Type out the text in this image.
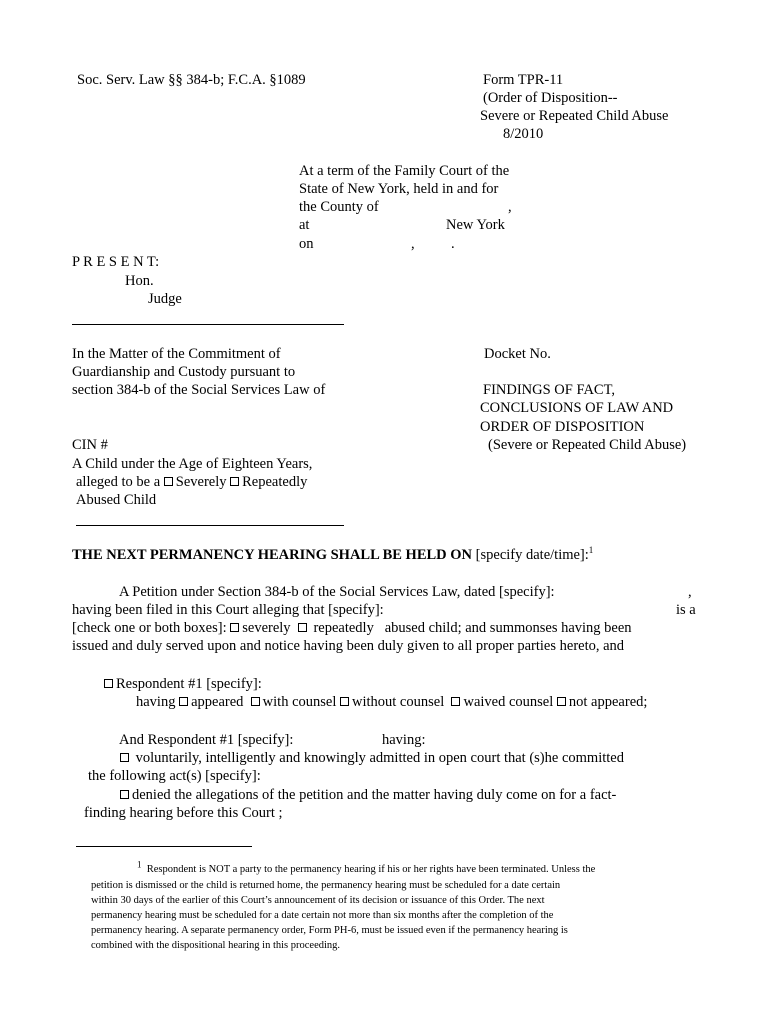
Soc. Serv. Law §§ 384-b; F.C.A. §1089	Form TPR-11
(Order of Disposition--
Severe or Repeated Child Abuse
8/2010
At a term of the Family Court of the
State of New York, held in and for
the County of	,
at	New York
on	,	.
P R E S E N T:
Hon.
Judge
In the Matter of the Commitment of
Guardianship and Custody pursuant to
section 384-b of the Social Services Law of
CIN #
A Child under the Age of Eighteen Years,
alleged to be a Severely Repeatedly
Abused Child
Docket No.
FINDINGS OF FACT,
CONCLUSIONS OF LAW AND
ORDER OF DISPOSITION
(Severe or Repeated Child Abuse)
THE NEXT PERMANENCY HEARING SHALL BE HELD ON [specify date/time]:$^1$
A Petition under Section 384-b of the Social Services Law, dated [specify]:	,
having been filed in this Court alleging that [specify]:	is a
[check one or both boxes]: severely repeatedly abused child; and summonses having been
issued and duly served upon and notice having been duly given to all proper parties hereto, and
Respondent #1 [specify]:
having appeared with counsel without counsel waived counsel not appeared;
And Respondent #1 [specify]:	having:
voluntarily, intelligently and knowingly admitted in open court that (s)he committed
the following act(s) [specify]:
denied the allegations of the petition and the matter having duly come on for a fact-
finding hearing before this Court ;
$^1$ Respondent is NOT a party to the permanency hearing if his or her rights have been terminated. Unless the
petition is dismissed or the child is returned home, the permanency hearing must be scheduled for a date certain
within 30 days of the earlier of this Court’s announcement of its decision or issuance of this Order. The next
permanency hearing must be scheduled for a date certain not more than six months after the completion of the
permanency hearing. A separate permanency order, Form PH-6, must be issued even if the permanency hearing is
combined with the dispositional hearing in this proceeding.
